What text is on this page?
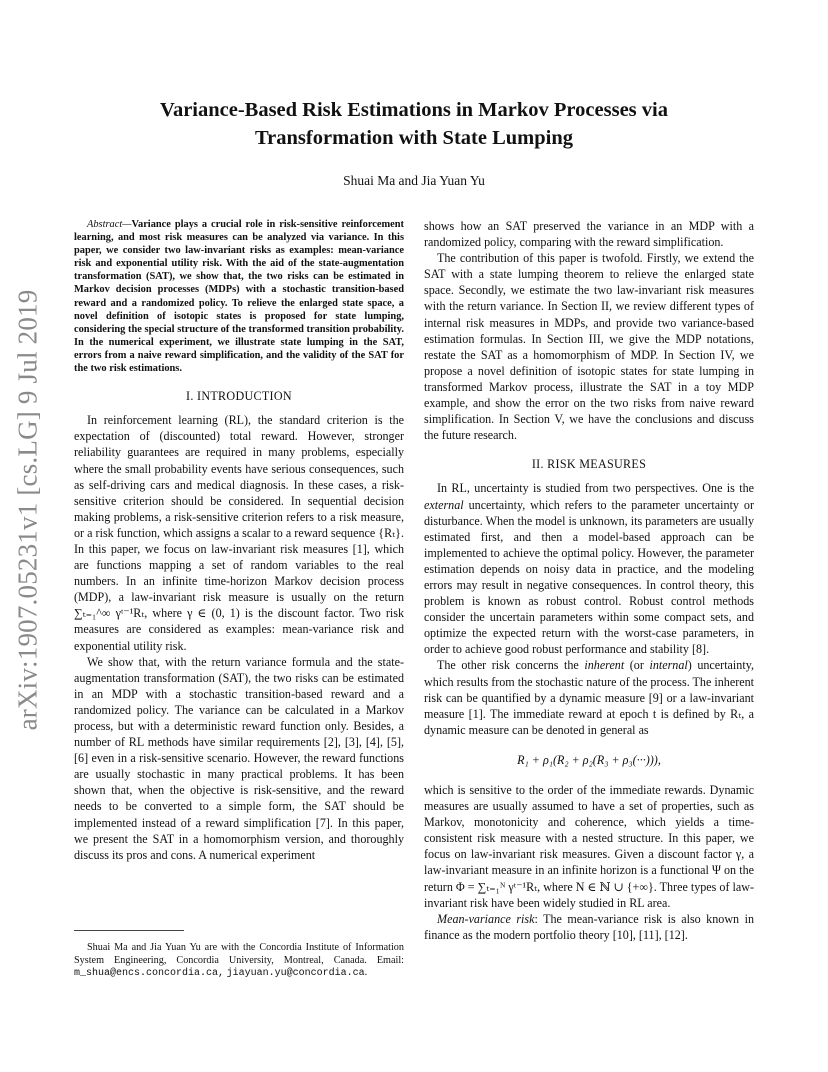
arXiv:1907.05231v1 [cs.LG] 9 Jul 2019
Variance-Based Risk Estimations in Markov Processes via Transformation with State Lumping
Shuai Ma and Jia Yuan Yu

Abstract—Variance plays a crucial role in risk-sensitive reinforcement learning, and most risk measures can be analyzed via variance. In this paper, we consider two law-invariant risks as examples: mean-variance risk and exponential utility risk. With the aid of the state-augmentation transformation (SAT), we show that, the two risks can be estimated in Markov decision processes (MDPs) with a stochastic transition-based reward and a randomized policy. To relieve the enlarged state space, a novel definition of isotopic states is proposed for state lumping, considering the special structure of the transformed transition probability. In the numerical experiment, we illustrate state lumping in the SAT, errors from a naive reward simplification, and the validity of the SAT for the two risk estimations.

I. INTRODUCTION

In reinforcement learning (RL), the standard criterion is the expectation of (discounted) total reward. However, stronger reliability guarantees are required in many problems, especially where the small probability events have serious consequences, such as self-driving cars and medical diagnosis. In these cases, a risk-sensitive criterion should be considered. In sequential decision making problems, a risk-sensitive criterion refers to a risk measure, or a risk function, which assigns a scalar to a reward sequence {Rₜ}. In this paper, we focus on law-invariant risk measures [1], which are functions mapping a set of random variables to the real numbers. In an infinite time-horizon Markov decision process (MDP), a law-invariant risk measure is usually on the return ∑ₜ₌₁^∞ γᵗ⁻¹Rₜ, where γ ∈ (0, 1) is the discount factor. Two risk measures are considered as examples: mean-variance risk and exponential utility risk.

We show that, with the return variance formula and the state-augmentation transformation (SAT), the two risks can be estimated in an MDP with a stochastic transition-based reward and a randomized policy. The variance can be calculated in a Markov process, but with a deterministic reward function only. Besides, a number of RL methods have similar requirements [2], [3], [4], [5], [6] even in a risk-sensitive scenario. However, the reward functions are usually stochastic in many practical problems. It has been shown that, when the objective is risk-sensitive, and the reward needs to be converted to a simple form, the SAT should be implemented instead of a reward simplification [7]. In this paper, we present the SAT in a homomorphism version, and thoroughly discuss its pros and cons. A numerical experiment

Shuai Ma and Jia Yuan Yu are with the Concordia Institute of Information System Engineering, Concordia University, Montreal, Canada. Email: m_shua@encs.concordia.ca, jiayuan.yu@concordia.ca.

shows how an SAT preserved the variance in an MDP with a randomized policy, comparing with the reward simplification.

The contribution of this paper is twofold. Firstly, we extend the SAT with a state lumping theorem to relieve the enlarged state space. Secondly, we estimate the two law-invariant risk measures with the return variance. In Section II, we review different types of internal risk measures in MDPs, and provide two variance-based estimation formulas. In Section III, we give the MDP notations, restate the SAT as a homomorphism of MDP. In Section IV, we propose a novel definition of isotopic states for state lumping in transformed Markov process, illustrate the SAT in a toy MDP example, and show the error on the two risks from naive reward simplification. In Section V, we have the conclusions and discuss the future research.

II. RISK MEASURES

In RL, uncertainty is studied from two perspectives. One is the external uncertainty, which refers to the parameter uncertainty or disturbance. When the model is unknown, its parameters are usually estimated first, and then a model-based approach can be implemented to achieve the optimal policy. However, the parameter estimation depends on noisy data in practice, and the modeling errors may result in negative consequences. In control theory, this problem is known as robust control. Robust control methods consider the uncertain parameters within some compact sets, and optimize the expected return with the worst-case parameters, in order to achieve good robust performance and stability [8].

The other risk concerns the inherent (or internal) uncertainty, which results from the stochastic nature of the process. The inherent risk can be quantified by a dynamic measure [9] or a law-invariant measure [1]. The immediate reward at epoch t is defined by Rₜ, a dynamic measure can be denoted in general as

R₁ + ρ₁(R₂ + ρ₂(R₃ + ρ₃(···))),

which is sensitive to the order of the immediate rewards. Dynamic measures are usually assumed to have a set of properties, such as Markov, monotonicity and coherence, which yields a time-consistent risk measure with a nested structure. In this paper, we focus on law-invariant risk measures. Given a discount factor γ, a law-invariant measure in an infinite horizon is a functional Ψ on the return Φ = ∑ₜ₌₁ᴺ γᵗ⁻¹Rₜ, where N ∈ ℕ ∪ {+∞}. Three types of law-invariant risk have been widely studied in RL area.

Mean-variance risk: The mean-variance risk is also known in finance as the modern portfolio theory [10], [11], [12].
